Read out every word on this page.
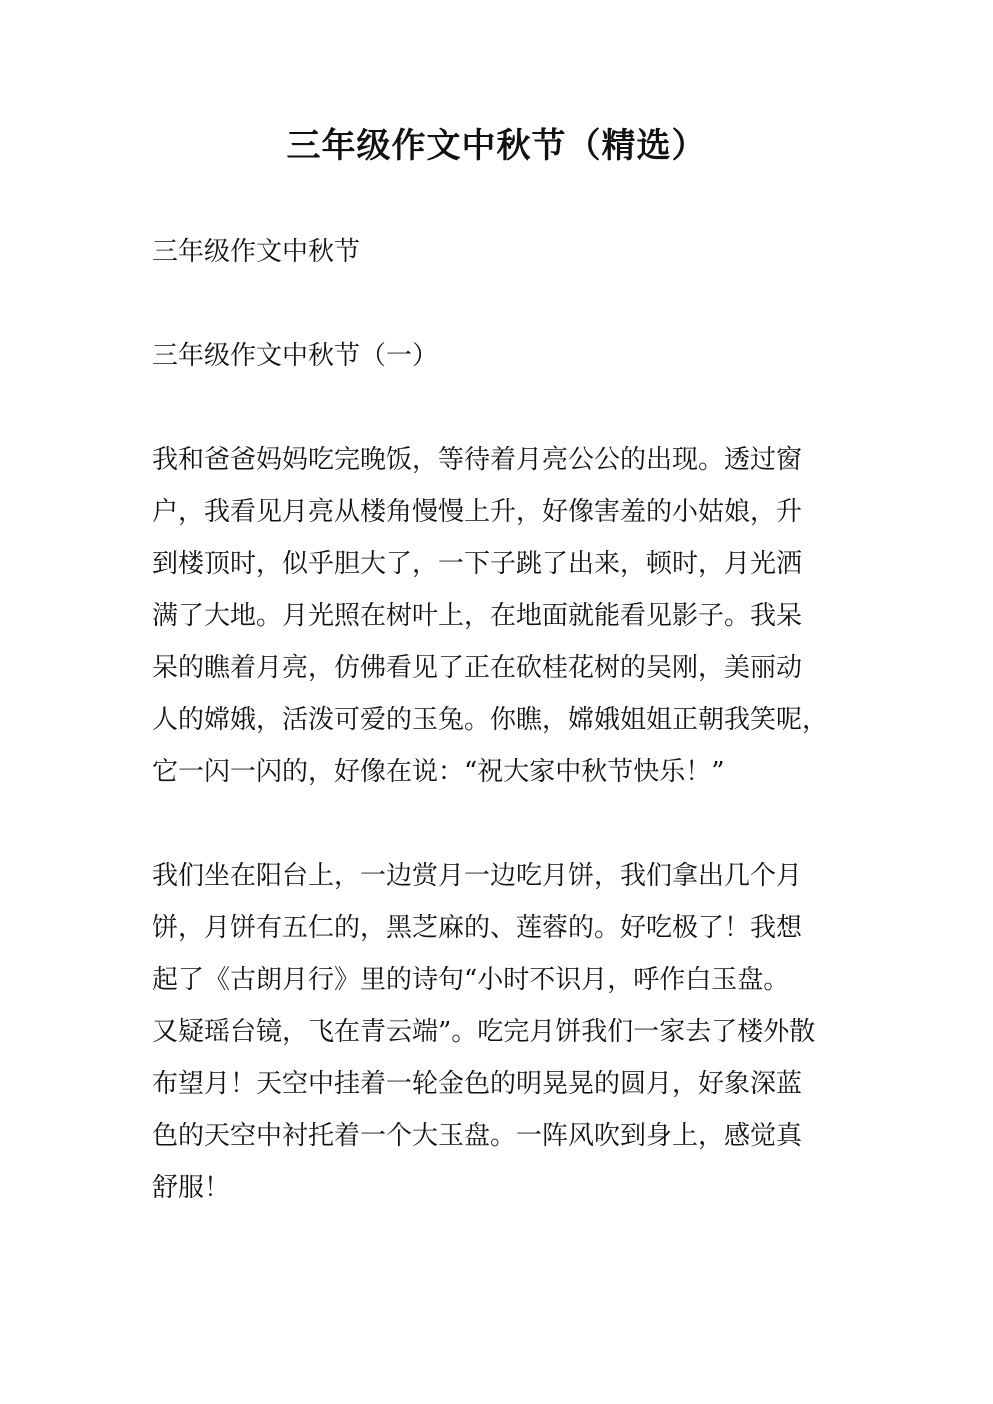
三年级作文中秋节（精选）

三年级作文中秋节

三年级作文中秋节（一）

我和爸爸妈妈吃完晚饭，等待着月亮公公的出现。透过窗
户，我看见月亮从楼角慢慢上升，好像害羞的小姑娘，升
到楼顶时，似乎胆大了，一下子跳了出来，顿时，月光洒
满了大地。月光照在树叶上，在地面就能看见影子。我呆
呆的瞧着月亮，仿佛看见了正在砍桂花树的吴刚，美丽动
人的嫦娥，活泼可爱的玉兔。你瞧，嫦娥姐姐正朝我笑呢，
它一闪一闪的，好像在说：“祝大家中秋节快乐！”
我们坐在阳台上，一边赏月一边吃月饼，我们拿出几个月
饼，月饼有五仁的，黑芝麻的、莲蓉的。好吃极了！我想
起了《古朗月行》里的诗句“小时不识月，呼作白玉盘。
又疑瑶台镜，飞在青云端”。吃完月饼我们一家去了楼外散
布望月！天空中挂着一轮金色的明晃晃的圆月，好象深蓝
色的天空中衬托着一个大玉盘。一阵风吹到身上，感觉真
舒服！
